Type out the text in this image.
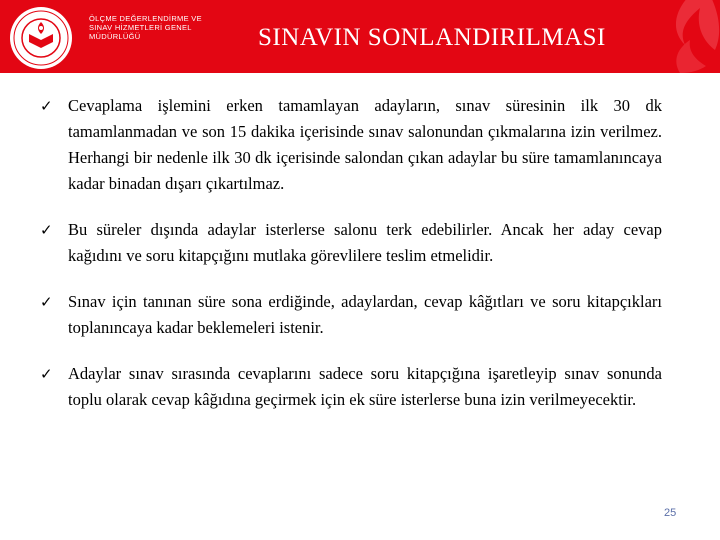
ÖLÇME DEĞERLENDİRME VE
SINAV HİZMETLERİ GENEL
MÜDÜRLÜĞÜ	SINAVIN SONLANDIRILMASI
✓ Cevaplama işlemini erken tamamlayan adayların, sınav süresinin ilk 30 dk tamamlanmadan ve son 15 dakika içerisinde sınav salonundan çıkmalarına izin verilmez. Herhangi bir nedenle ilk 30 dk içerisinde salondan çıkan adaylar bu süre tamamlanıncaya kadar binadan dışarı çıkartılmaz.
✓ Bu süreler dışında adaylar isterlerse salonu terk edebilirler. Ancak her aday cevap kağıdını ve soru kitapçığını mutlaka görevlilere teslim etmelidir.
✓ Sınav için tanınan süre sona erdiğinde, adaylardan, cevap kâğıtları ve soru kitapçıkları toplanıncaya kadar beklemeleri istenir.
✓ Adaylar sınav sırasında cevaplarını sadece soru kitapçığına işaretleyip sınav sonunda toplu olarak cevap kâğıdına geçirmek için ek süre isterlerse buna izin verilmeyecektir.
25
